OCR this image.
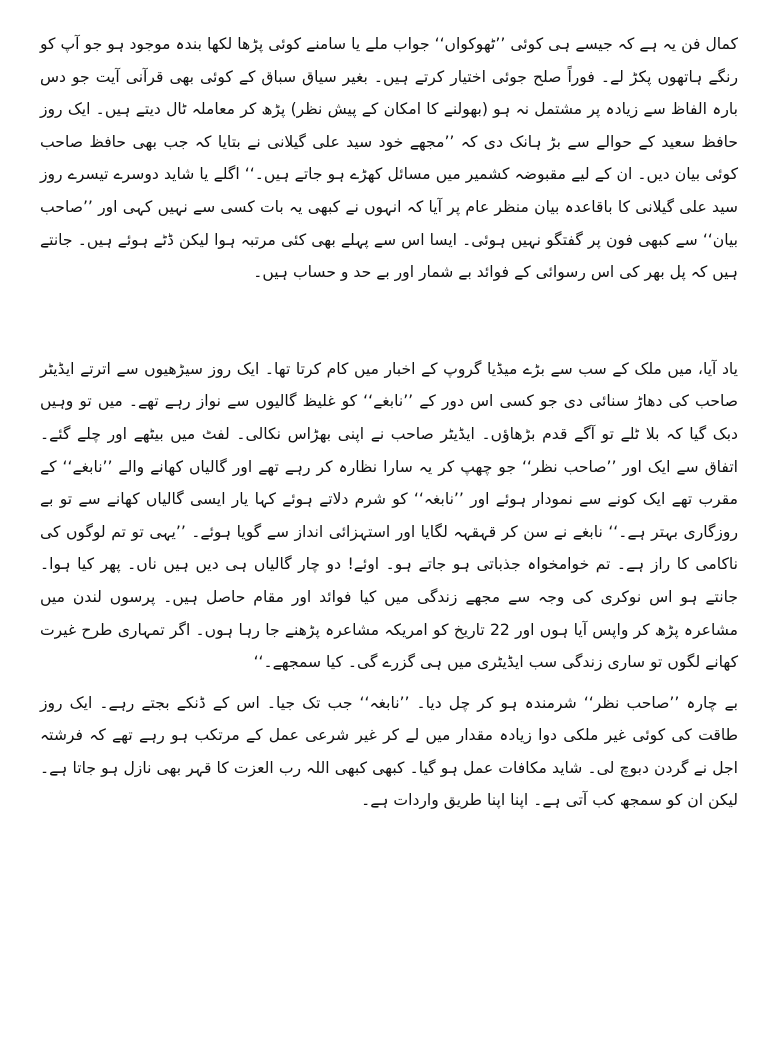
کمال فن یہ ہے کہ جیسے ہی کوئی ’’ٹھوکواں‘‘ جواب ملے یا سامنے کوئی پڑھا لکھا بندہ موجود ہو جو آپ کو رنگے ہاتھوں پکڑ لے۔ فوراً صلح جوئی اختیار کرتے ہیں۔ بغیر سیاق سباق کے کوئی بھی قرآنی آیت جو دس بارہ الفاظ سے زیادہ پر مشتمل نہ ہو (بھولنے کا امکان کے پیش نظر) پڑھ کر معاملہ ٹال دیتے ہیں۔ ایک روز حافظ سعید کے حوالے سے بڑ ہانک دی کہ ’’مجھے خود سید علی گیلانی نے بتایا کہ جب بھی حافظ صاحب کوئی بیان دیں۔ ان کے لیے مقبوضہ کشمیر میں مسائل کھڑے ہو جاتے ہیں۔‘‘ اگلے یا شاید دوسرے تیسرے روز سید علی گیلانی کا باقاعدہ بیان منظر عام پر آیا کہ انہوں نے کبھی یہ بات کسی سے نہیں کہی اور ’’صاحب بیان‘‘ سے کبھی فون پر گفتگو نہیں ہوئی۔ ایسا اس سے پہلے بھی کئی مرتبہ ہوا لیکن ڈٹے ہوئے ہیں۔ جانتے ہیں کہ پل بھر کی اس رسوائی کے فوائد بے شمار اور بے حد و حساب ہیں۔

یاد آیا، میں ملک کے سب سے بڑے میڈیا گروپ کے اخبار میں کام کرتا تھا۔ ایک روز سیڑھیوں سے اترتے ایڈیٹر صاحب کی دھاڑ سنائی دی جو کسی اس دور کے ’’نابغے‘‘ کو غلیظ گالیوں سے نواز رہے تھے۔ میں تو وہیں دبک گیا کہ بلا ٹلے تو آگے قدم بڑھاؤں۔ ایڈیٹر صاحب نے اپنی بھڑاس نکالی۔ لفٹ میں بیٹھے اور چلے گئے۔ اتفاق سے ایک اور ’’صاحب نظر‘‘ جو چھپ کر یہ سارا نظارہ کر رہے تھے اور گالیاں کھانے والے ’’نابغے‘‘ کے مقرب تھے ایک کونے سے نمودار ہوئے اور ’’نابغہ‘‘ کو شرم دلاتے ہوئے کہا یار ایسی گالیاں کھانے سے تو بے روزگاری بہتر ہے۔‘‘ نابغے نے سن کر قہقہہ لگایا اور استہزائی انداز سے گویا ہوئے۔ ’’یہی تو تم لوگوں کی ناکامی کا راز ہے۔ تم خوامخواہ جذباتی ہو جاتے ہو۔ اوئے! دو چار گالیاں ہی دیں ہیں ناں۔ پھر کیا ہوا۔ جانتے ہو اس نوکری کی وجہ سے مجھے زندگی میں کیا فوائد اور مقام حاصل ہیں۔ پرسوں لندن میں مشاعرہ پڑھ کر واپس آیا ہوں اور 22 تاریخ کو امریکہ مشاعرہ پڑھنے جا رہا ہوں۔ اگر تمہاری طرح غیرت کھانے لگوں تو ساری زندگی سب ایڈیٹری میں ہی گزرے گی۔ کیا سمجھے۔‘‘

بے چارہ ’’صاحب نظر‘‘ شرمندہ ہو کر چل دیا۔ ’’نابغہ‘‘ جب تک جیا۔ اس کے ڈنکے بجتے رہے۔ ایک روز طاقت کی کوئی غیر ملکی دوا زیادہ مقدار میں لے کر غیر شرعی عمل کے مرتکب ہو رہے تھے کہ فرشتہ اجل نے گردن دبوچ لی۔ شاید مکافات عمل ہو گیا۔ کبھی کبھی اللہ رب العزت کا قہر بھی نازل ہو جاتا ہے۔ لیکن ان کو سمجھ کب آتی ہے۔ اپنا اپنا طریق واردات ہے۔
